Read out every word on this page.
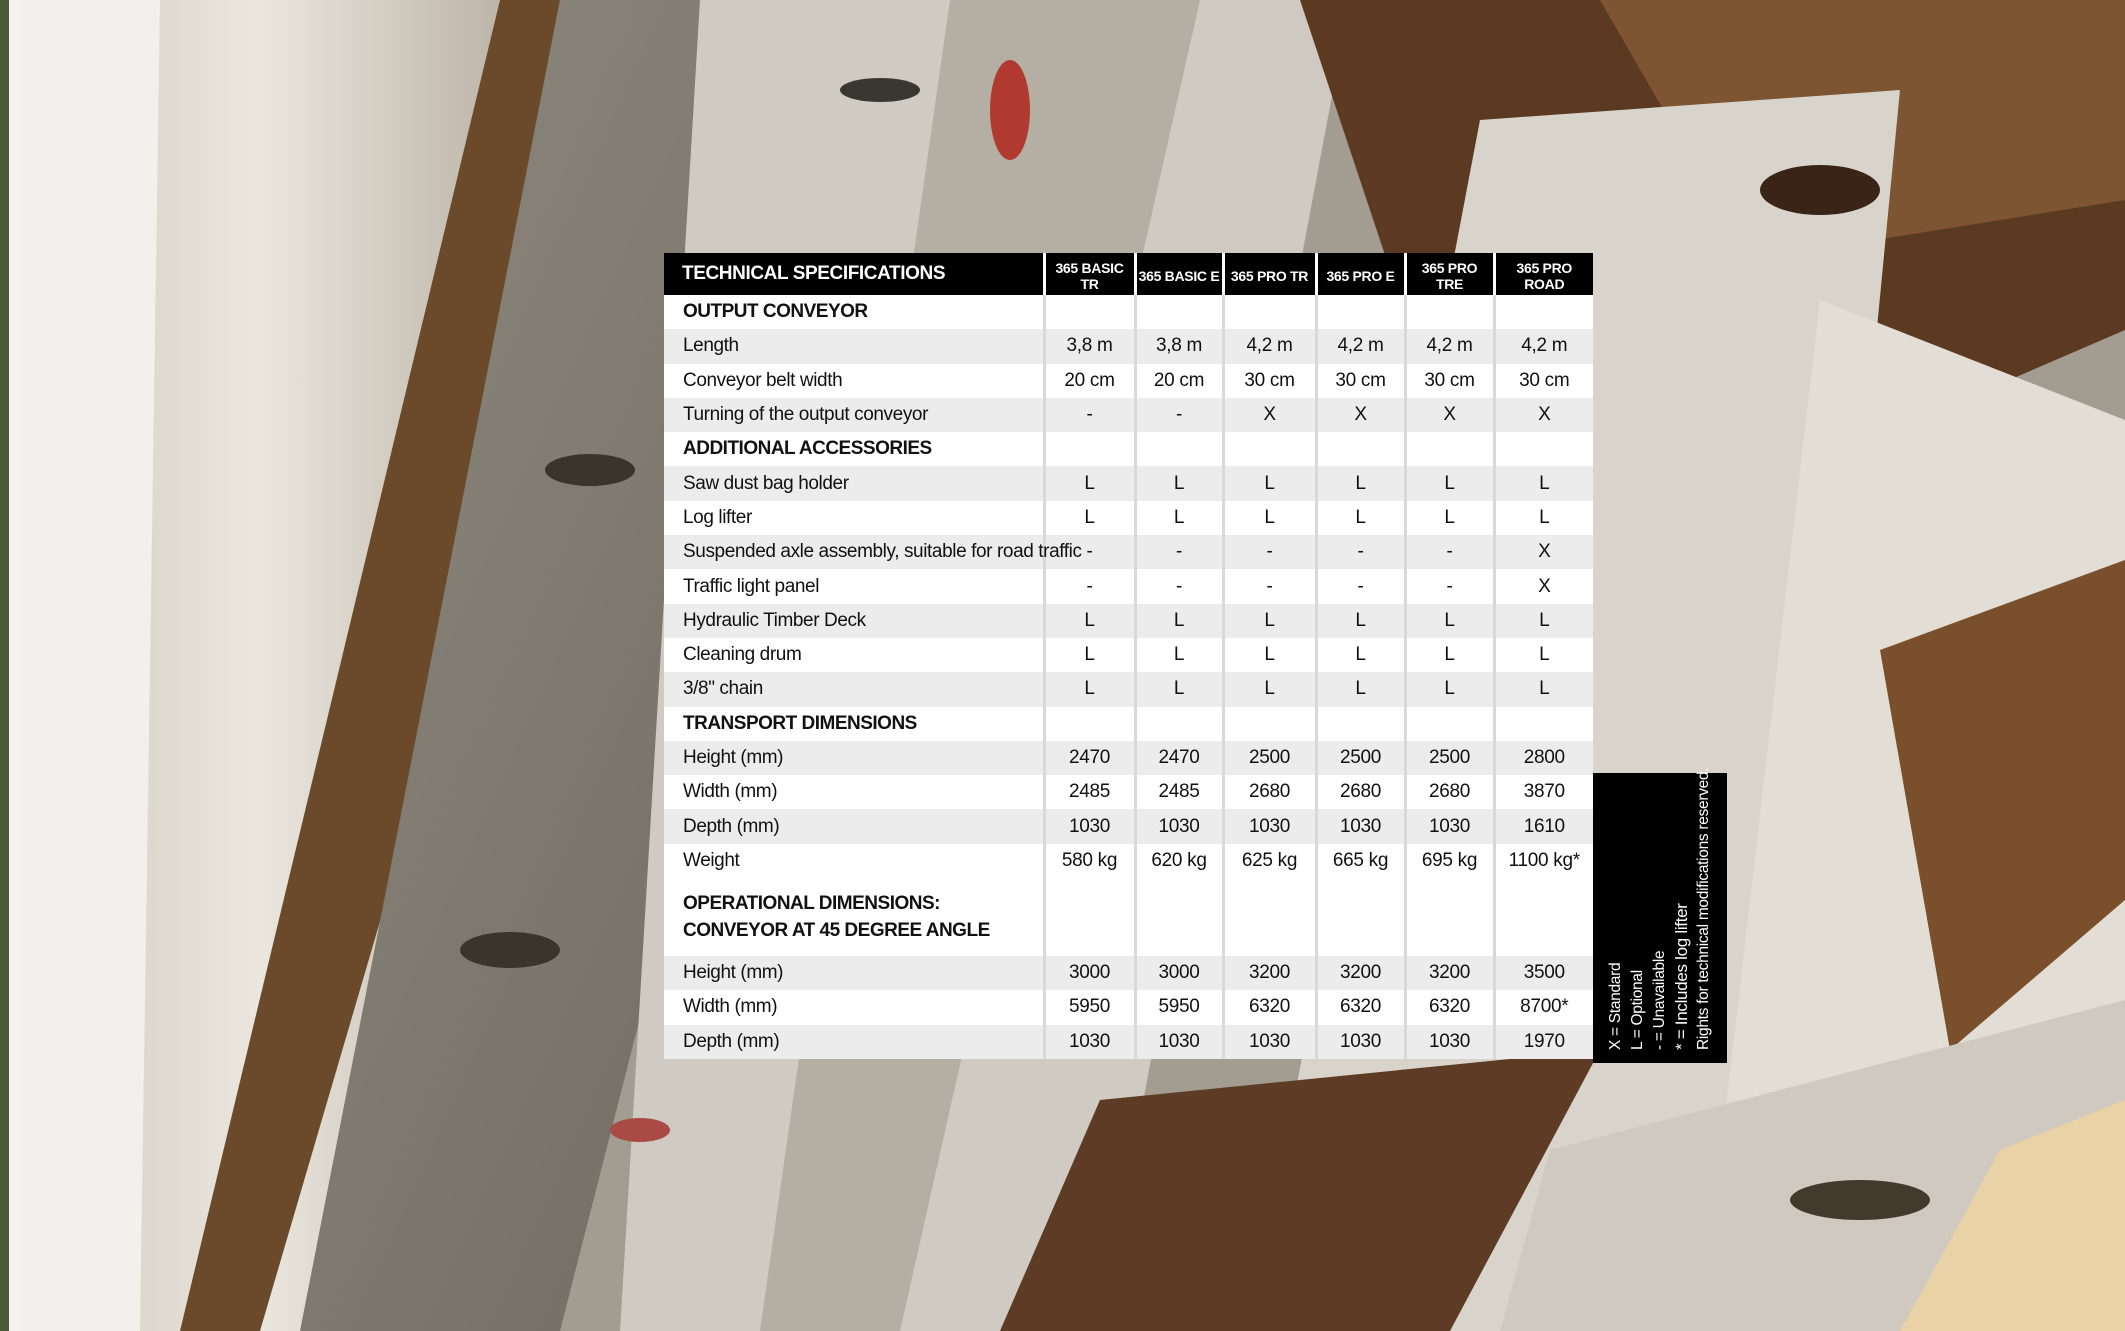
TECHNICAL SPECIFICATIONS	365 BASIC TR	365 BASIC E	365 PRO TR	365 PRO E	365 PRO TRE	365 PRO ROAD

OUTPUT CONVEYOR						

Length	3,8 m	3,8 m	4,2 m	4,2 m	4,2 m	4,2 m
Conveyor belt width	20 cm	20 cm	30 cm	30 cm	30 cm	30 cm
Turning of the output conveyor	-	-	X	X	X	X

ADDITIONAL ACCESSORIES						

Saw dust bag holder	L	L	L	L	L	L
Log lifter	L	L	L	L	L	L
Suspended axle assembly, suitable for road traffic	-	-	-	-	-	X
Traffic light panel	-	-	-	-	-	X
Hydraulic Timber Deck	L	L	L	L	L	L
Cleaning drum	L	L	L	L	L	L
3/8" chain	L	L	L	L	L	L

TRANSPORT DIMENSIONS						

Height (mm)	2470	2470	2500	2500	2500	2800
Width (mm)	2485	2485	2680	2680	2680	3870
Depth (mm)	1030	1030	1030	1030	1030	1610
Weight	580 kg	620 kg	625 kg	665 kg	695 kg	1100 kg*

OPERATIONAL DIMENSIONS:
CONVEYOR AT 45 DEGREE ANGLE						

Height (mm)	3000	3000	3200	3200	3200	3500
Width (mm)	5950	5950	6320	6320	6320	8700*
Depth (mm)	1030	1030	1030	1030	1030	1970	Rights for technical modifications reserved.
* = Includes log lifter
- = Unavailable
L = Optional
X = Standard
